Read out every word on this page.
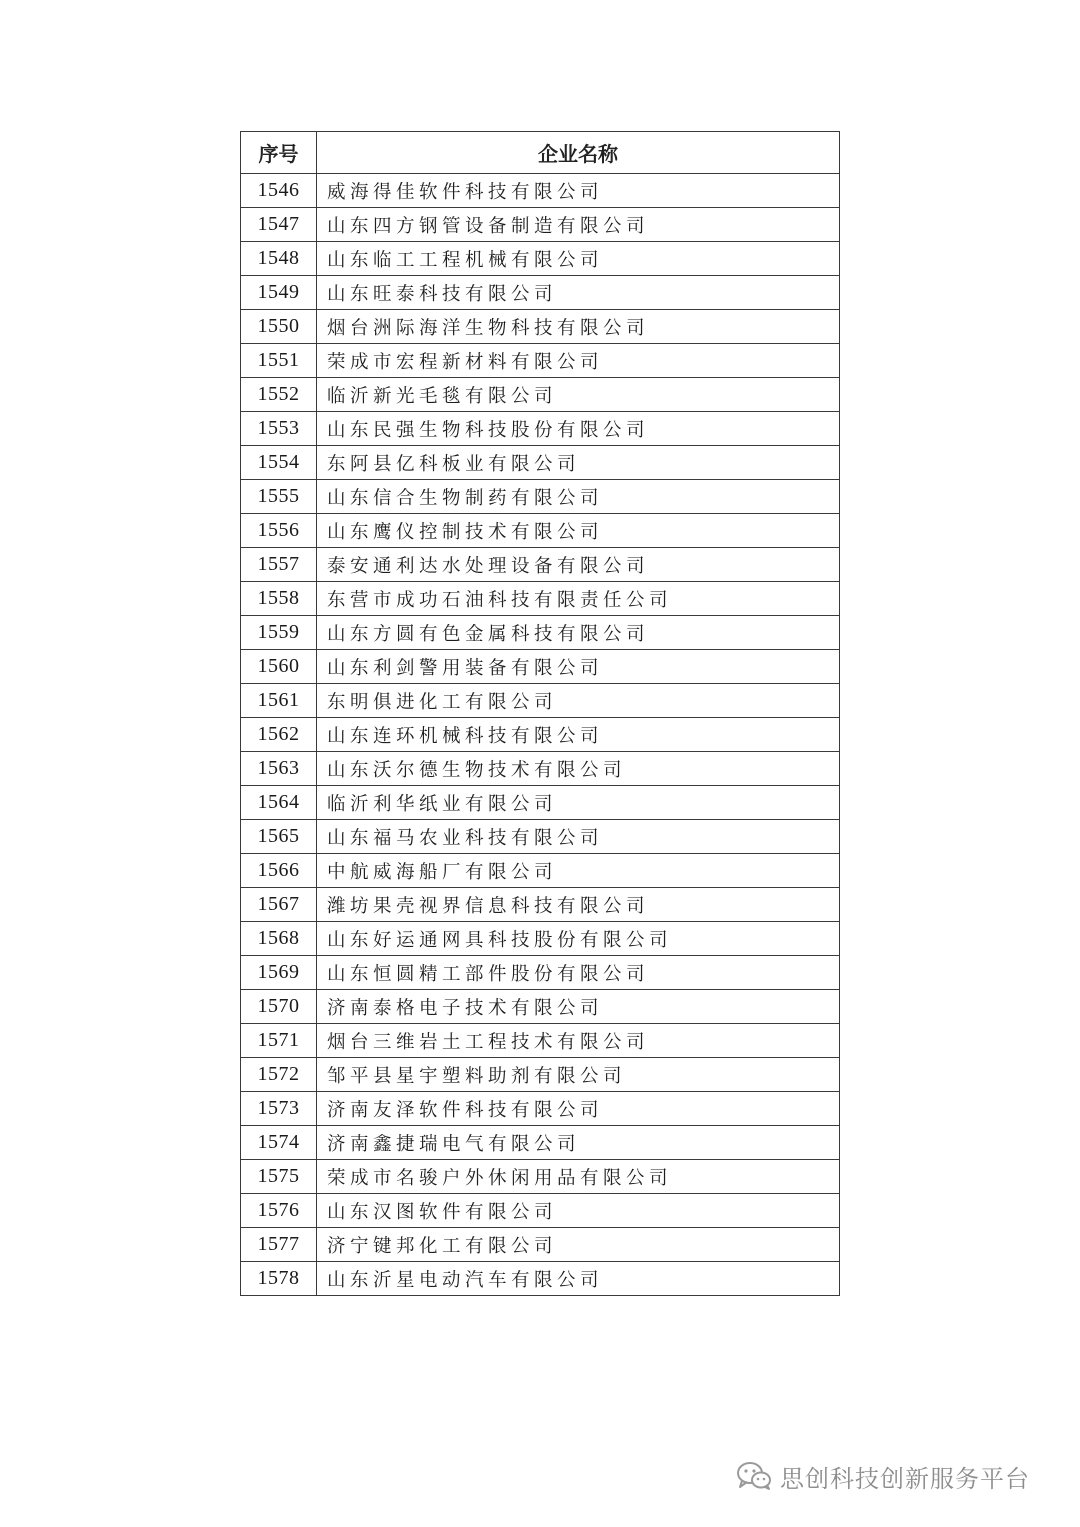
序号	企业名称
1546	威海得佳软件科技有限公司
1547	山东四方钢管设备制造有限公司
1548	山东临工工程机械有限公司
1549	山东旺泰科技有限公司
1550	烟台洲际海洋生物科技有限公司
1551	荣成市宏程新材料有限公司
1552	临沂新光毛毯有限公司
1553	山东民强生物科技股份有限公司
1554	东阿县亿科板业有限公司
1555	山东信合生物制药有限公司
1556	山东鹰仪控制技术有限公司
1557	泰安通利达水处理设备有限公司
1558	东营市成功石油科技有限责任公司
1559	山东方圆有色金属科技有限公司
1560	山东利剑警用装备有限公司
1561	东明俱进化工有限公司
1562	山东连环机械科技有限公司
1563	山东沃尔德生物技术有限公司
1564	临沂利华纸业有限公司
1565	山东福马农业科技有限公司
1566	中航威海船厂有限公司
1567	潍坊果壳视界信息科技有限公司
1568	山东好运通网具科技股份有限公司
1569	山东恒圆精工部件股份有限公司
1570	济南泰格电子技术有限公司
1571	烟台三维岩土工程技术有限公司
1572	邹平县星宇塑料助剂有限公司
1573	济南友泽软件科技有限公司
1574	济南鑫捷瑞电气有限公司
1575	荣成市名骏户外休闲用品有限公司
1576	山东汉图软件有限公司
1577	济宁键邦化工有限公司
1578	山东沂星电动汽车有限公司
思创科技创新服务平台
